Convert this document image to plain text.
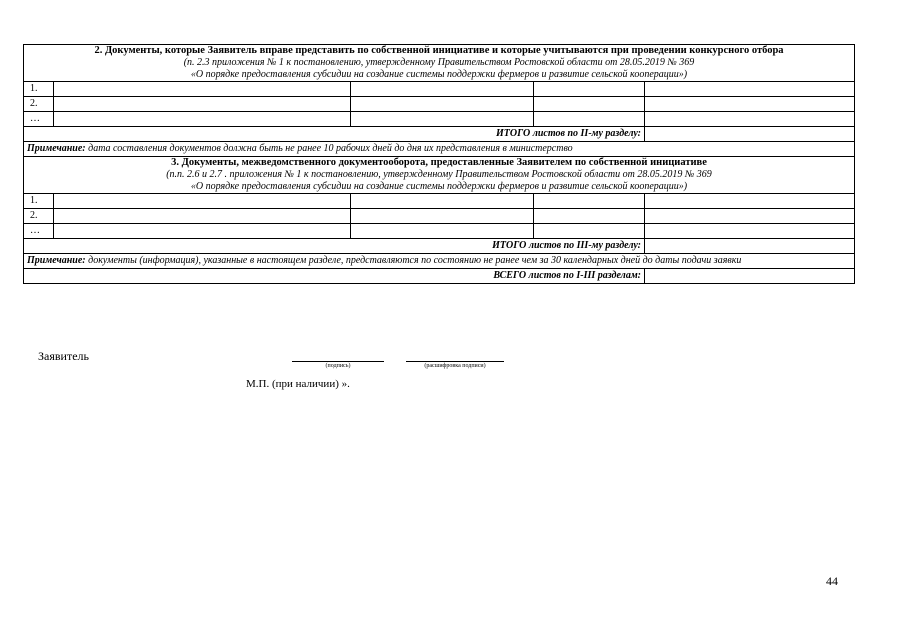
2. Документы, которые Заявитель вправе представить по собственной инициативе и которые учитываются при проведении конкурсного отбора
(п. 2.3 приложения № 1 к постановлению, утвержденному Правительством Ростовской области от 28.05.2019 № 369
«О порядке предоставления субсидии на создание системы поддержки фермеров и развитие сельской кооперации»)				

1.				
2.				
…				
ИТОГО листов по II-му разделу:				
Примечание: дата составления документов должна быть не ранее 10 рабочих дней до дня их представления в министерство				

3. Документы, межведомственного документооборота, предоставленные Заявителем по собственной инициативе
(п.п. 2.6 и 2.7 . приложения № 1 к постановлению, утвержденному Правительством Ростовской области от 28.05.2019 № 369
«О порядке предоставления субсидии на создание системы поддержки фермеров и развитие сельской кооперации»)				

1.				
2.				
…				
ИТОГО листов по III-му разделу:				
Примечание: документы (информация), указанные в настоящем разделе, представляются по состоянию не ранее чем за 30 календарных дней до даты подачи заявки				
ВСЕГО листов по I-III разделам:				
Заявитель
(подпись)	(расшифровка подписи)
М.П. (при наличии) ».
44
